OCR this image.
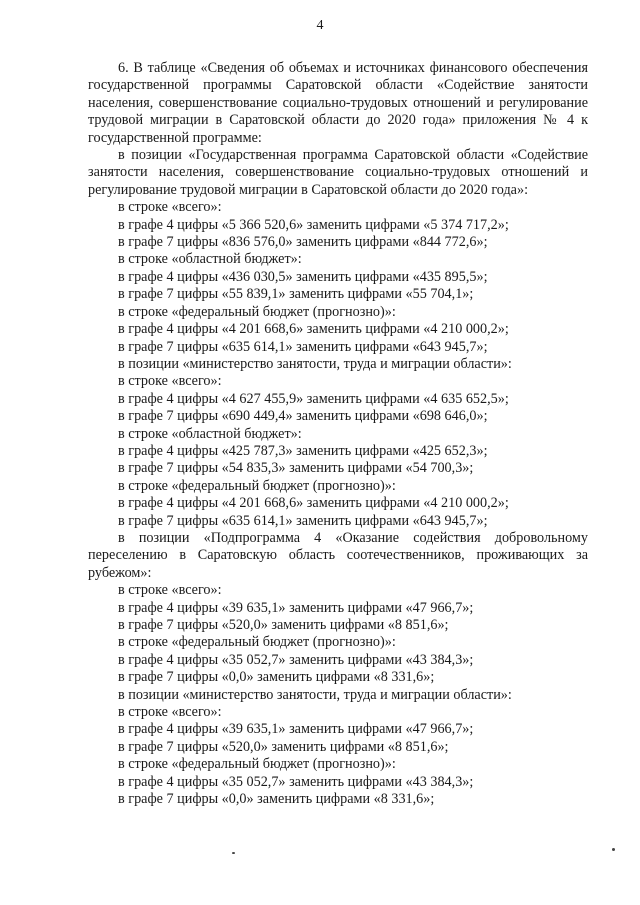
4

6. В таблице «Сведения об объемах и источниках финансового обеспечения государственной программы Саратовской области «Содействие занятости населения, совершенствование социально-трудовых отношений и регулирование трудовой миграции в Саратовской области до 2020 года» приложения № 4 к государственной программе:

в позиции «Государственная программа Саратовской области «Содействие занятости населения, совершенствование социально-трудовых отношений и регулирование трудовой миграции в Саратовской области до 2020 года»:

в строке «всего»:

в графе 4 цифры «5 366 520,6» заменить цифрами «5 374 717,2»;

в графе 7 цифры «836 576,0» заменить цифрами «844 772,6»;

в строке «областной бюджет»:

в графе 4 цифры «436 030,5» заменить цифрами «435 895,5»;

в графе 7 цифры «55 839,1» заменить цифрами «55 704,1»;

в строке «федеральный бюджет (прогнозно)»:

в графе 4 цифры «4 201 668,6» заменить цифрами «4 210 000,2»;

в графе 7 цифры «635 614,1» заменить цифрами «643 945,7»;

в позиции «министерство занятости, труда и миграции области»:

в строке «всего»:

в графе 4 цифры «4 627 455,9» заменить цифрами «4 635 652,5»;

в графе 7 цифры «690 449,4» заменить цифрами «698 646,0»;

в строке «областной бюджет»:

в графе 4 цифры «425 787,3» заменить цифрами «425 652,3»;

в графе 7 цифры «54 835,3» заменить цифрами «54 700,3»;

в строке «федеральный бюджет (прогнозно)»:

в графе 4 цифры «4 201 668,6» заменить цифрами «4 210 000,2»;

в графе 7 цифры «635 614,1» заменить цифрами «643 945,7»;

в позиции «Подпрограмма 4 «Оказание содействия добровольному переселению в Саратовскую область соотечественников, проживающих за рубежом»:

в строке «всего»:

в графе 4 цифры «39 635,1» заменить цифрами «47 966,7»;

в графе 7 цифры «520,0» заменить цифрами «8 851,6»;

в строке «федеральный бюджет (прогнозно)»:

в графе 4 цифры «35 052,7» заменить цифрами «43 384,3»;

в графе 7 цифры «0,0» заменить цифрами «8 331,6»;

в позиции «министерство занятости, труда и миграции области»:

в строке «всего»:

в графе 4 цифры «39 635,1» заменить цифрами «47 966,7»;

в графе 7 цифры «520,0» заменить цифрами «8 851,6»;

в строке «федеральный бюджет (прогнозно)»:

в графе 4 цифры «35 052,7» заменить цифрами «43 384,3»;

в графе 7 цифры «0,0» заменить цифрами «8 331,6»;
